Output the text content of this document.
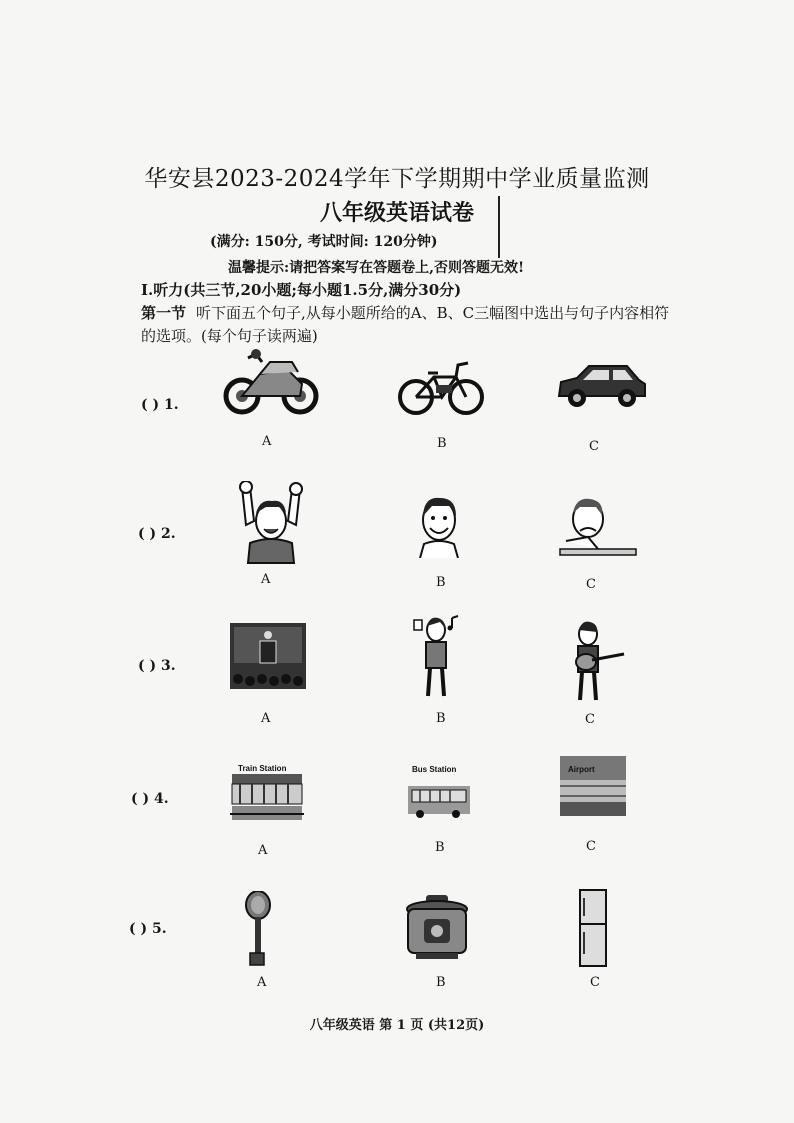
华安县2023-2024学年下学期期中学业质量监测
八年级英语试卷
(满分: 150分, 考试时间: 120分钟)
温馨提示:请把答案写在答题卷上,否则答题无效!
I.听力(共三节,20小题;每小题1.5分,满分30分)
第一节 听下面五个句子,从每小题所给的A、B、C三幅图中选出与句子内容相符的选项。(每个句子读两遍)
( ) 1.
A	B	C
( ) 2.
A	B	C
( ) 3.
A	B	C
( ) 4.
Train Station	Bus Station	Airport
A	B	C
( ) 5.
A	B	C
八年级英语 第 1 页 (共12页)
